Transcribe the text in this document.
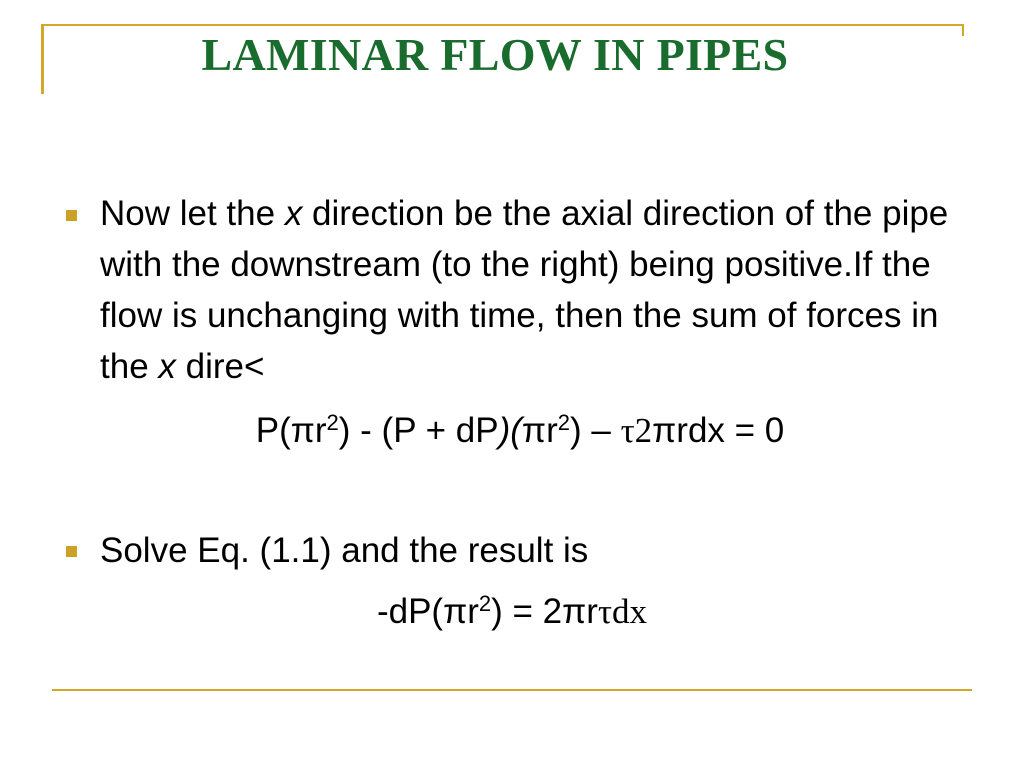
LAMINAR FLOW IN PIPES
Now let the x direction be the axial direction of the pipe with the downstream (to the right) being positive.If the flow is unchanging with time, then the sum of forces in the x dire<
$P(\pi r^2) - (P + dP)(\pi r^2) - \tau 2\pi rdx = 0$
Solve Eq. (1.1) and the result is
$-dP(\pi r^2) = 2\pi r\tau dx$
